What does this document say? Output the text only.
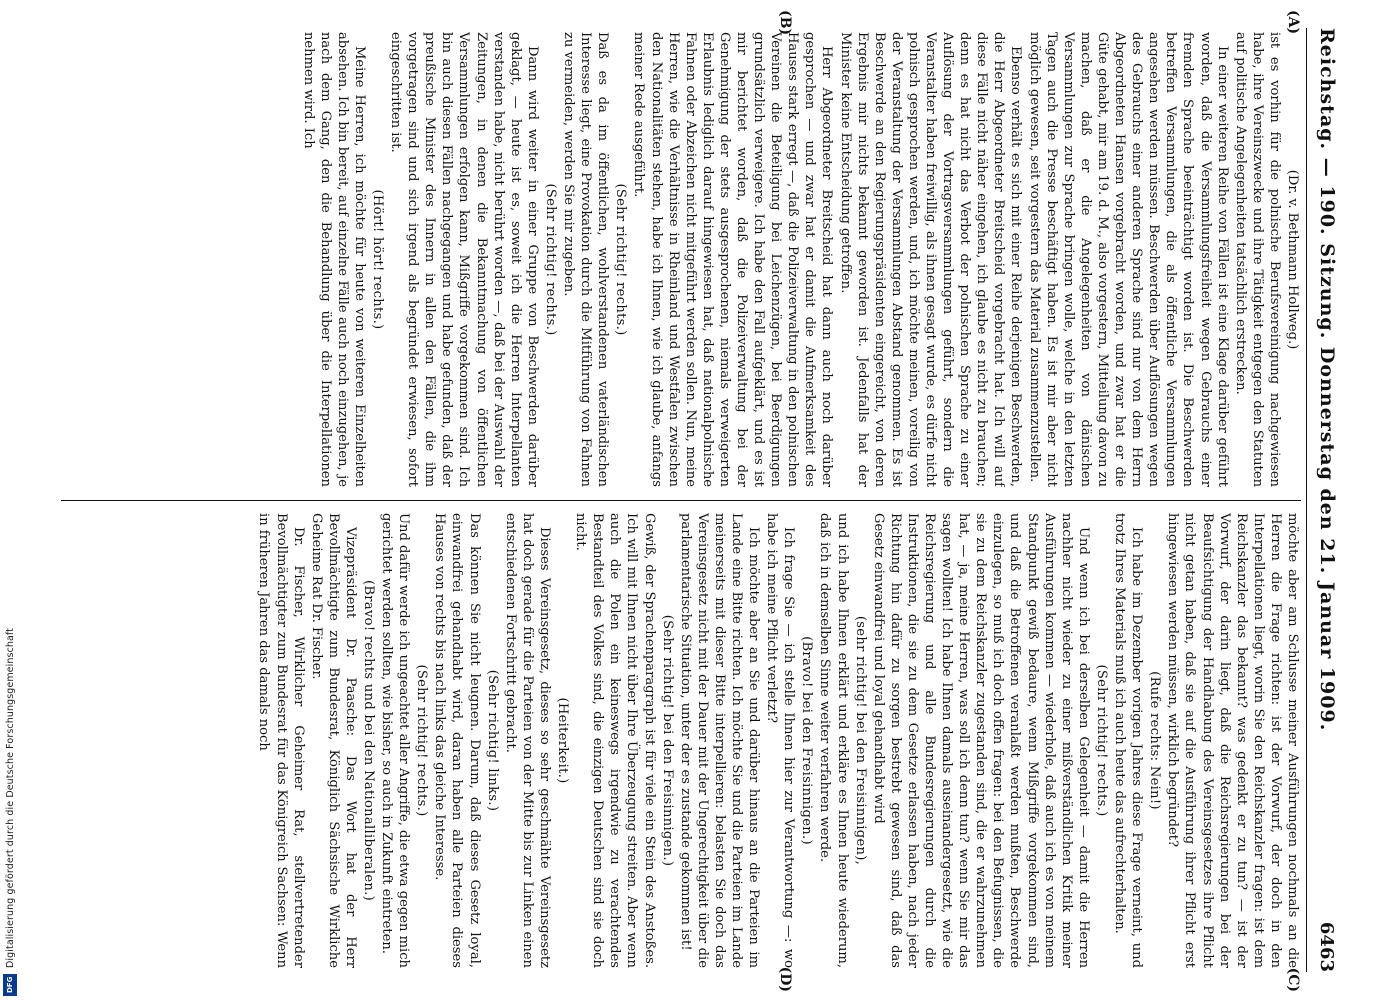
Digitalisierung gefördert durch die Deutsche Forschungsgemeinschaft
DFG
Reichstag. — 190. Sitzung. Donnerstag den 21. Januar 1909.
6463
(A)
(B)
(C)
(D)

(Dr. v. Bethmann Hollweg.)

ist es vorhin für die polnische Berufsvereinigung nachgewiesen habe, ihre Vereinszwecke und ihre Tätigkeit entgegen den Statuten auf politische Angelegenheiten tatsächlich erstrecken.

In einer weiteren Reihe von Fällen ist eine Klage darüber geführt worden, daß die Versammlungsfreiheit wegen Gebrauchs einer fremden Sprache beeinträchtigt worden ist. Die Beschwerden betreffen Versammlungen, die als öffentliche Versammlungen angesehen werden müssen. Beschwerden über Auflösungen wegen des Gebrauchs einer anderen Sprache sind nur von dem Herrn Abgeordneten Hansen vorgebracht worden, und zwar hat er die Güte gehabt, mir am 19. d. M., also vorgestern, Mitteilung davon zu machen, daß er die Angelegenheiten von dänischen Versammlungen zur Sprache bringen wolle, welche in den letzten Tagen auch die Presse beschäftigt haben. Es ist mir aber nicht möglich gewesen, seit vorgestern das Material zusammenzustellen.

Ebenso verhält es sich mit einer Reihe derjenigen Beschwerden, die Herr Abgeordneter Breitscheid vorgebracht hat. Ich will auf diese Fälle nicht näher eingehen, ich glaube es nicht zu brauchen; denn es hat nicht das Verbot der polnischen Sprache zu einer Auflösung der Vortragsversammlungen geführt, sondern die Veranstalter haben freiwillig, als ihnen gesagt wurde, es dürfe nicht polnisch gesprochen werden, und, ich möchte meinen, voreilig von der Veranstaltung der Versammlungen Abstand genommen. Es ist Beschwerde an den Regierungspräsidenten eingereicht, von deren Ergebnis mir nichts bekannt geworden ist. Jedenfalls hat der Minister keine Entscheidung getroffen.

Herr Abgeordneter Breitscheid hat dann auch noch darüber gesprochen — und zwar hat er damit die Aufmerksamkeit des Hauses stark erregt —, daß die Polizeiverwaltung in den polnischen Vereinen die Beteiligung bei Leichenzügen, bei Beerdigungen grundsätzlich verweigere. Ich habe den Fall aufgeklärt, und es ist mir berichtet worden, daß die Polizeiverwaltung bei der Genehmigung der stets ausgesprochenen, niemals verweigerten Erlaubnis lediglich darauf hingewiesen hat, daß nationalpolnische Fahnen oder Abzeichen nicht mitgeführt werden sollen. Nun, meine Herren, wie die Verhältnisse in Rheinland und Westfalen zwischen den Nationalitäten stehen, habe ich Ihnen, wie ich glaube, anfangs meiner Rede ausgeführt.

(Sehr richtig! rechts.)

Daß es da im öffentlichen, wohlverstandenen vaterländischen Interesse liegt, eine Provokation durch die Mitführung von Fahnen zu vermeiden, werden Sie mir zugeben.

(Sehr richtig! rechts.)

Dann wird weiter in einer Gruppe von Beschwerden darüber geklagt, — heute ist es, soweit ich die Herren Interpellanten verstanden habe, nicht berührt worden —, daß bei der Auswahl der Zeitungen, in denen die Bekanntmachung von öffentlichen Versammlungen erfolgen kann, Mißgriffe vorgekommen sind. Ich bin auch diesen Fällen nachgegangen und habe gefunden, daß der preußische Minister des Innern in allen den Fällen, die ihm vorgetragen sind und sich irgend als begründet erwiesen, sofort eingeschritten ist.

(Hört! hört! rechts.)

Meine Herren, ich möchte für heute von weiteren Einzelheiten absehen. Ich bin bereit, auf einzelne Fälle auch noch einzugehen, je nach dem Gang, den die Behandlung über die Interpellationen nehmen wird. Ich

möchte aber am Schlusse meiner Ausführungen nochmals an die Herren die Frage richten: ist der Vorwurf, der doch in den Interpellationen liegt, worin Sie den Reichskanzler fragen: ist dem Reichskanzler das bekannt? was gedenkt er zu tun? — ist der Vorwurf, der darin liegt, daß die Reichsregierungen bei der Beaufsichtigung der Handhabung des Vereinsgesetzes ihre Pflicht nicht getan haben, daß sie auf die Ausführung ihrer Pflicht erst hingewiesen werden müssen, wirklich begründet?

(Rufe rechts: Nein!)

Ich habe im Dezember vorigen Jahres diese Frage verneint, und trotz Ihres Materials muß ich auch heute das aufrechterhalten.

(Sehr richtig! rechts.)

Und wenn ich bei derselben Gelegenheit — damit die Herren nachher nicht wieder zu einer mißverständlichen Kritik meiner Ausführungen kommen — wiederhole, daß auch ich es von meinem Standpunkt gewiß bedaure, wenn Mißgriffe vorgekommen sind, und daß die Betroffenen veranlaßt werden mußten, Beschwerde einzulegen, so muß ich doch offen fragen: bei den Befugnissen, die sie zu dem Reichskanzler zugestanden sind, die er wahrzunehmen hat, — ja, meine Herren, was soll ich denn tun? wenn Sie mir das sagen wollten! Ich habe Ihnen damals auseinandergesetzt, wie die Reichsregierung und alle Bundesregierungen durch die Instruktionen, die sie zu dem Gesetze erlassen haben, nach jeder Richtung hin dafür zu sorgen bestrebt gewesen sind, daß das Gesetz einwandfrei und loyal gehandhabt wird

(sehr richtig! bei den Freisinnigen),

und ich habe Ihnen erklärt und erkläre es Ihnen heute wiederum, daß ich in demselben Sinne weiter verfahren werde.

(Bravo! bei den Freisinnigen.)

Ich frage Sie — ich stelle Ihnen hier zur Verantwortung —: wo habe ich meine Pflicht verletzt?

Ich möchte aber an Sie und darüber hinaus an die Parteien im Lande eine Bitte richten. Ich möchte Sie und die Parteien im Lande meinerseits mit dieser Bitte interpellieren: belasten Sie doch das Vereinsgesetz nicht mit der Dauer mit der Ungerechtigkeit über die parlamentarische Situation, unter der es zustande gekommen ist!

(Sehr richtig! bei den Freisinnigen.)

Gewiß, der Sprachenparagraph ist für viele ein Stein des Anstoßes. Ich will mit Ihnen nicht über Ihre Überzeugung streiten. Aber wenn auch die Polen ein keineswegs irgendwie zu verachtendes Bestandteil des Volkes sind, die einzigen Deutschen sind sie doch nicht.

(Heiterkeit.)

Dieses Vereinsgesetz, dieses so sehr geschmähte Vereinsgesetz hat doch gerade für die Parteien von der Mitte bis zur Linken einen entschiedenen Fortschritt gebracht.

(Sehr richtig! links.)

Das können Sie nicht leugnen. Darum, daß dieses Gesetz loyal, einwandfrei gehandhabt wird, daran haben alle Parteien dieses Hauses von rechts bis nach links das gleiche Interesse.

(Sehr richtig! rechts.)

Und dafür werde ich ungeachtet aller Angriffe, die etwa gegen mich gerichtet werden sollten, wie bisher, so auch in Zukunft eintreten.

(Bravo! rechts und bei den Nationalliberalen.)

Vizepräsident Dr. Paasche: Das Wort hat der Herr Bevollmächtigte zum Bundesrat, Königlich Sächsische Wirkliche Geheime Rat Dr. Fischer.

Dr. Fischer, Wirklicher Geheimer Rat, stellvertretender Bevollmächtigter zum Bundesrat für das Königreich Sachsen: Wenn in früheren Jahren das damals noch
